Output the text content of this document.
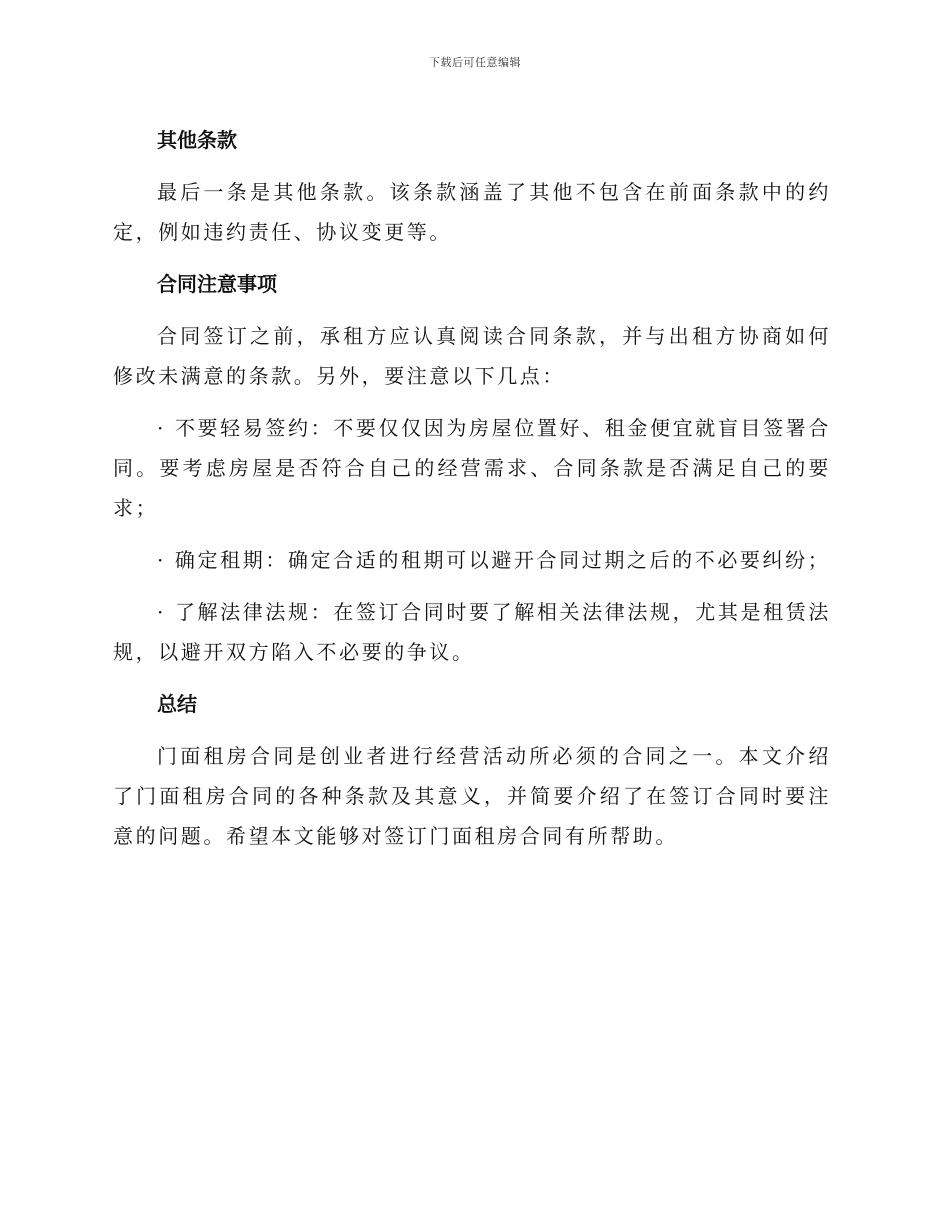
下载后可任意编辑
其他条款

最后一条是其他条款。该条款涵盖了其他不包含在前面条款中的约定，例如违约责任、协议变更等。

合同注意事项

合同签订之前，承租方应认真阅读合同条款，并与出租方协商如何修改未满意的条款。另外，要注意以下几点：

· 不要轻易签约：不要仅仅因为房屋位置好、租金便宜就盲目签署合同。要考虑房屋是否符合自己的经营需求、合同条款是否满足自己的要求；

· 确定租期：确定合适的租期可以避开合同过期之后的不必要纠纷；

· 了解法律法规：在签订合同时要了解相关法律法规，尤其是租赁法规，以避开双方陷入不必要的争议。

总结

门面租房合同是创业者进行经营活动所必须的合同之一。本文介绍了门面租房合同的各种条款及其意义，并简要介绍了在签订合同时要注意的问题。希望本文能够对签订门面租房合同有所帮助。
